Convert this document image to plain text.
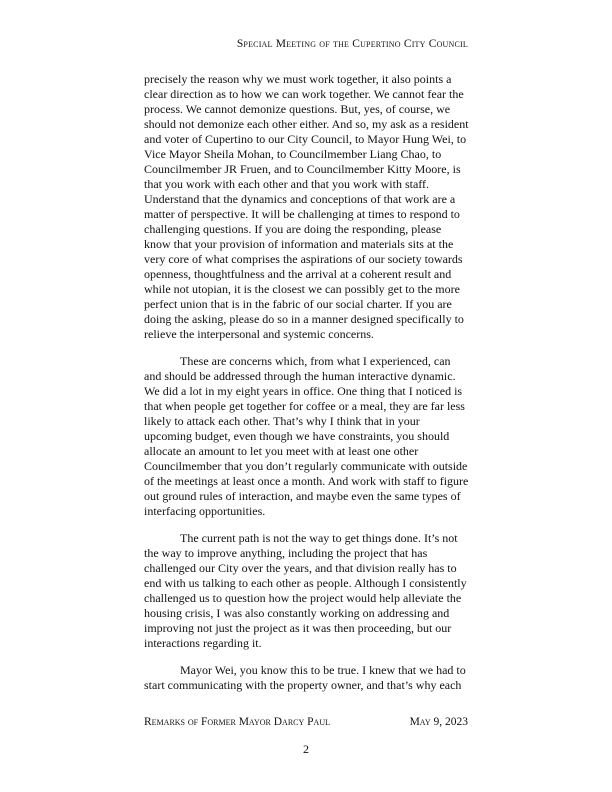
Special Meeting of the Cupertino City Council

precisely the reason why we must work together, it also points a clear direction as to how we can work together. We cannot fear the process. We cannot demonize questions. But, yes, of course, we should not demonize each other either. And so, my ask as a resident and voter of Cupertino to our City Council, to Mayor Hung Wei, to Vice Mayor Sheila Mohan, to Councilmember Liang Chao, to Councilmember JR Fruen, and to Councilmember Kitty Moore, is that you work with each other and that you work with staff. Understand that the dynamics and conceptions of that work are a matter of perspective. It will be challenging at times to respond to challenging questions. If you are doing the responding, please know that your provision of information and materials sits at the very core of what comprises the aspirations of our society towards openness, thoughtfulness and the arrival at a coherent result and while not utopian, it is the closest we can possibly get to the more perfect union that is in the fabric of our social charter. If you are doing the asking, please do so in a manner designed specifically to relieve the interpersonal and systemic concerns.

These are concerns which, from what I experienced, can and should be addressed through the human interactive dynamic. We did a lot in my eight years in office. One thing that I noticed is that when people get together for coffee or a meal, they are far less likely to attack each other. That’s why I think that in your upcoming budget, even though we have constraints, you should allocate an amount to let you meet with at least one other Councilmember that you don’t regularly communicate with outside of the meetings at least once a month. And work with staff to figure out ground rules of interaction, and maybe even the same types of interfacing opportunities.

The current path is not the way to get things done. It’s not the way to improve anything, including the project that has challenged our City over the years, and that division really has to end with us talking to each other as people. Although I consistently challenged us to question how the project would help alleviate the housing crisis, I was also constantly working on addressing and improving not just the project as it was then proceeding, but our interactions regarding it.

Mayor Wei, you know this to be true. I knew that we had to start communicating with the property owner, and that’s why each

Remarks of Former Mayor Darcy Paul	May 9, 2023
2
